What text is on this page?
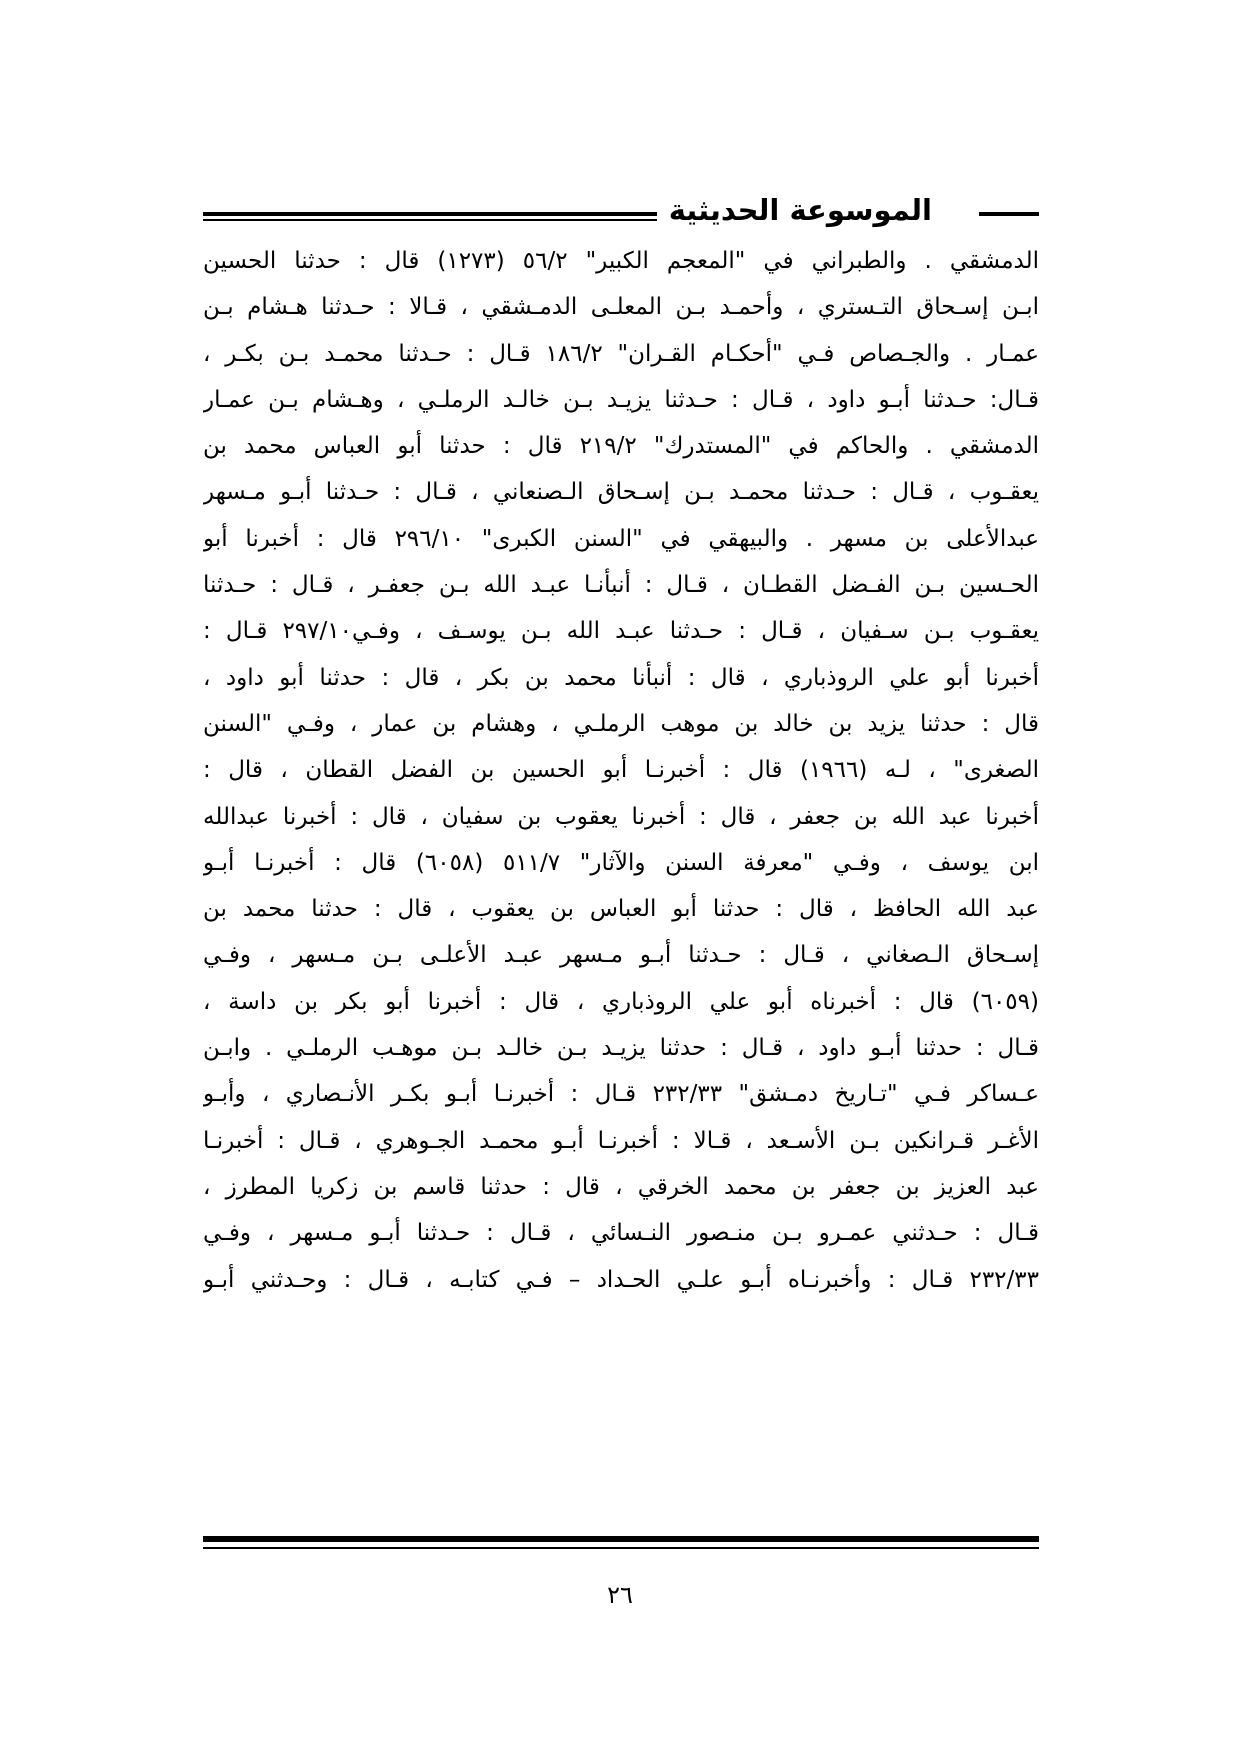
الموسوعة الحديثية
الدمشقي . والطبراني في "المعجم الكبير" ٥٦/٢ (١٢٧٣) قال : حدثنا الحسين
ابـن إسـحاق التـستري ، وأحمـد بـن المعلـى الدمـشقي ، قـالا : حـدثنا هـشام بـن
عمـار . والجـصاص فـي "أحكـام القـران" ١٨٦/٢ قـال : حـدثنا محمـد بـن بكـر ،
قـال: حـدثنا أبـو داود ، قـال : حـدثنا يزيـد بـن خالـد الرملـي ، وهـشام بـن عمـار
الدمشقي . والحاكم في "المستدرك" ٢١٩/٢ قال : حدثنا أبو العباس محمد بن
يعقـوب ، قـال : حـدثنا محمـد بـن إسـحاق الـصنعاني ، قـال : حـدثنا أبـو مـسهر
عبدالأعلى بن مسهر . والبيهقي في "السنن الكبرى" ٢٩٦/١٠ قال : أخبرنا أبو
الحـسين بـن الفـضل القطـان ، قـال : أنبأنـا عبـد الله بـن جعفـر ، قـال : حـدثنا
يعقـوب بـن سـفيان ، قـال : حـدثنا عبـد الله بـن يوسـف ، وفـي٢٩٧/١٠ قـال :
أخبرنا أبو علي الروذباري ، قال : أنبأنا محمد بن بكر ، قال : حدثنا أبو داود ،
قال : حدثنا يزيد بن خالد بن موهب الرملـي ، وهشام بن عمار ، وفـي "السنن
الصغرى" ، لـه (١٩٦٦) قال : أخبرنـا أبو الحسين بن الفضل القطان ، قال :
أخبرنا عبد الله بن جعفر ، قال : أخبرنا يعقوب بن سفيان ، قال : أخبرنا عبدالله
ابن يوسف ، وفـي "معرفة السنن والآثار" ٥١١/٧ (٦٠٥٨) قال : أخبرنـا أبـو
عبد الله الحافظ ، قال : حدثنا أبو العباس بن يعقوب ، قال : حدثنا محمد بن
إسـحاق الـصغاني ، قـال : حـدثنا أبـو مـسهر عبـد الأعلـى بـن مـسهر ، وفـي
(٦٠٥٩) قال : أخبرناه أبو علي الروذباري ، قال : أخبرنا أبو بكر بن داسة ،
قـال : حدثنا أبـو داود ، قـال : حدثنا يزيـد بـن خالـد بـن موهـب الرملـي . وابـن
عـساكر فـي "تـاريخ دمـشق" ٢٣٢/٣٣ قـال : أخبرنـا أبـو بكـر الأنـصاري ، وأبـو
الأغـر قـرانكين بـن الأسـعد ، قـالا : أخبرنـا أبـو محمـد الجـوهري ، قـال : أخبرنـا
عبد العزيز بن جعفر بن محمد الخرقي ، قال : حدثنا قاسم بن زكريا المطرز ،
قـال : حـدثني عمـرو بـن منـصور النـسائي ، قـال : حـدثنا أبـو مـسهر ، وفـي
٢٣٢/٣٣ قـال : وأخبرنـاه أبـو علـي الحـداد – فـي كتابـه ، قـال : وحـدثني أبـو
٢٦
